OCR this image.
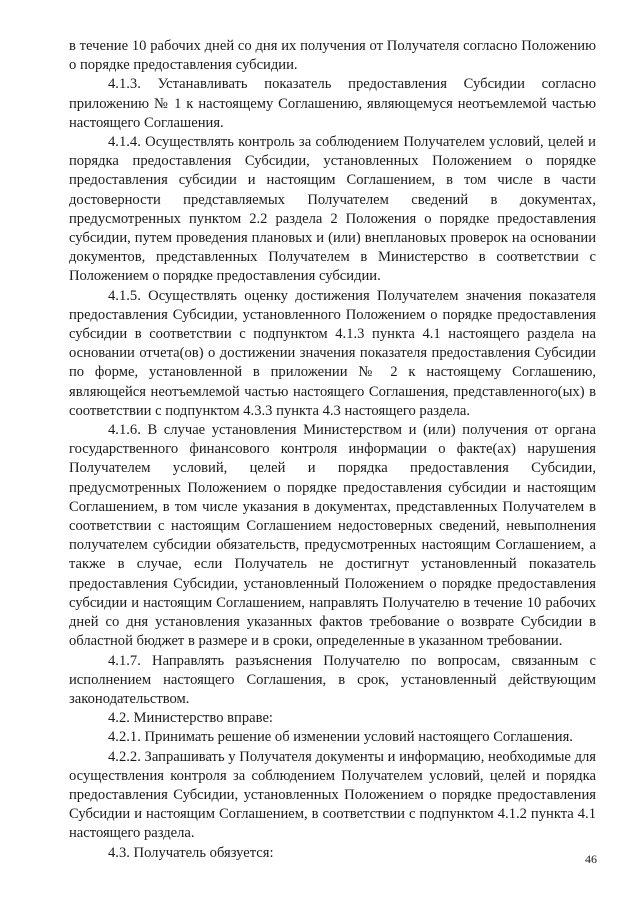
в течение 10 рабочих дней со дня их получения от Получателя согласно Положению о порядке предоставления субсидии.

4.1.3. Устанавливать показатель предоставления Субсидии согласно приложению № 1 к настоящему Соглашению, являющемуся неотъемлемой частью настоящего Соглашения.

4.1.4. Осуществлять контроль за соблюдением Получателем условий, целей и порядка предоставления Субсидии, установленных Положением о порядке предоставления субсидии и настоящим Соглашением, в том числе в части достоверности представляемых Получателем сведений в документах, предусмотренных пунктом 2.2 раздела 2 Положения о порядке предоставления субсидии, путем проведения плановых и (или) внеплановых проверок на основании документов, представленных Получателем в Министерство в соответствии с Положением о порядке предоставления субсидии.

4.1.5. Осуществлять оценку достижения Получателем значения показателя предоставления Субсидии, установленного Положением о порядке предоставления субсидии в соответствии с подпунктом 4.1.3 пункта 4.1 настоящего раздела на основании отчета(ов) о достижении значения показателя предоставления Субсидии по форме, установленной в приложении № 2 к настоящему Соглашению, являющейся неотъемлемой частью настоящего Соглашения, представленного(ых) в соответствии с подпунктом 4.3.3 пункта 4.3 настоящего раздела.

4.1.6. В случае установления Министерством и (или) получения от органа государственного финансового контроля информации о факте(ах) нарушения Получателем условий, целей и порядка предоставления Субсидии, предусмотренных Положением о порядке предоставления субсидии и настоящим Соглашением, в том числе указания в документах, представленных Получателем в соответствии с настоящим Соглашением недостоверных сведений, невыполнения получателем субсидии обязательств, предусмотренных настоящим Соглашением, а также в случае, если Получатель не достигнут установленный показатель предоставления Субсидии, установленный Положением о порядке предоставления субсидии и настоящим Соглашением, направлять Получателю в течение 10 рабочих дней со дня установления указанных фактов требование о возврате Субсидии в областной бюджет в размере и в сроки, определенные в указанном требовании.

4.1.7. Направлять разъяснения Получателю по вопросам, связанным с исполнением настоящего Соглашения, в срок, установленный действующим законодательством.

4.2. Министерство вправе:

4.2.1. Принимать решение об изменении условий настоящего Соглашения.

4.2.2. Запрашивать у Получателя документы и информацию, необходимые для осуществления контроля за соблюдением Получателем условий, целей и порядка предоставления Субсидии, установленных Положением о порядке предоставления Субсидии и настоящим Соглашением, в соответствии с подпунктом 4.1.2 пункта 4.1 настоящего раздела.

4.3. Получатель обязуется:	46
